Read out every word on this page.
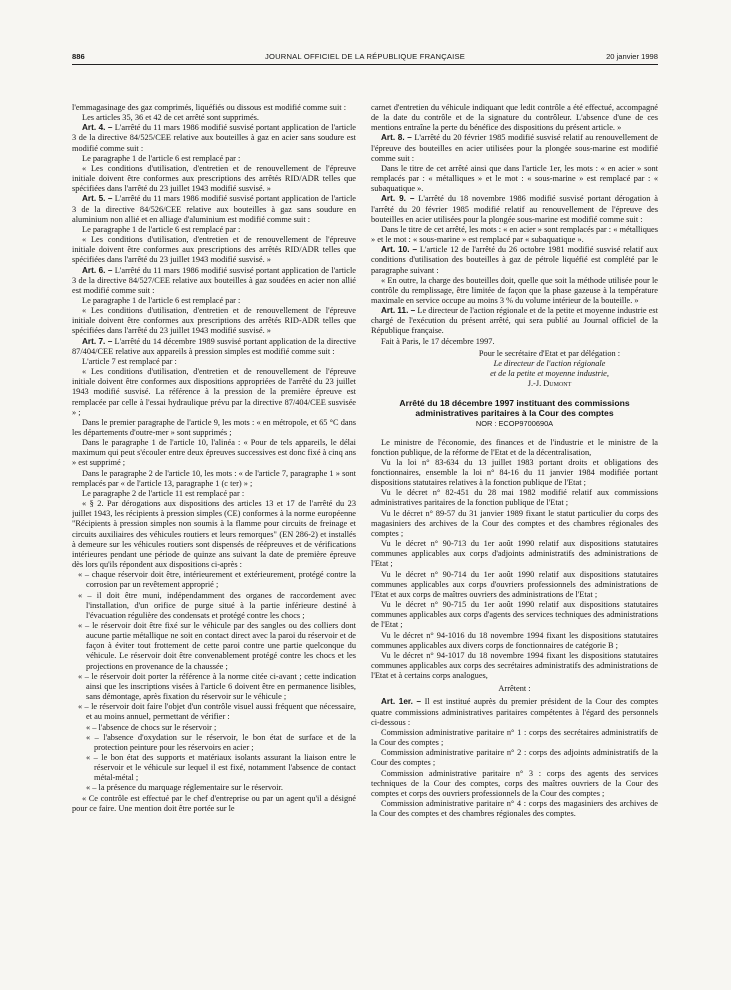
886	JOURNAL OFFICIEL DE LA RÉPUBLIQUE FRANÇAISE	20 janvier 1998

l'emmagasinage des gaz comprimés, liquéfiés ou dissous est modifié comme suit :

Les articles 35, 36 et 42 de cet arrêté sont supprimés.

Art. 4. – L'arrêté du 11 mars 1986 modifié susvisé portant application de l'article 3 de la directive 84/525/CEE relative aux bouteilles à gaz en acier sans soudure est modifié comme suit :

Le paragraphe 1 de l'article 6 est remplacé par :

« Les conditions d'utilisation, d'entretien et de renouvellement de l'épreuve initiale doivent être conformes aux prescriptions des arrêtés RID/ADR telles que spécifiées dans l'arrêté du 23 juillet 1943 modifié susvisé. »

Art. 5. – L'arrêté du 11 mars 1986 modifié susvisé portant application de l'article 3 de la directive 84/526/CEE relative aux bouteilles à gaz sans soudure en aluminium non allié et en alliage d'aluminium est modifié comme suit :

Le paragraphe 1 de l'article 6 est remplacé par :

« Les conditions d'utilisation, d'entretien et de renouvellement de l'épreuve initiale doivent être conformes aux prescriptions des arrêtés RID/ADR telles que spécifiées dans l'arrêté du 23 juillet 1943 modifié susvisé. »

Art. 6. – L'arrêté du 11 mars 1986 modifié susvisé portant application de l'article 3 de la directive 84/527/CEE relative aux bouteilles à gaz soudées en acier non allié est modifié comme suit :

Le paragraphe 1 de l'article 6 est remplacé par :

« Les conditions d'utilisation, d'entretien et de renouvellement de l'épreuve initiale doivent être conformes aux prescriptions des arrêtés RID-ADR telles que spécifiées dans l'arrêté du 23 juillet 1943 modifié susvisé. »

Art. 7. – L'arrêté du 14 décembre 1989 susvisé portant application de la directive 87/404/CEE relative aux appareils à pression simples est modifié comme suit :

L'article 7 est remplacé par :

« Les conditions d'utilisation, d'entretien et de renouvellement de l'épreuve initiale doivent être conformes aux dispositions appropriées de l'arrêté du 23 juillet 1943 modifié susvisé. La référence à la pression de la première épreuve est remplacée par celle à l'essai hydraulique prévu par la directive 87/404/CEE susvisée » ;

Dans le premier paragraphe de l'article 9, les mots : « en métropole, et 65 °C dans les départements d'outre-mer » sont supprimés ;

Dans le paragraphe 1 de l'article 10, l'alinéa : « Pour de tels appareils, le délai maximum qui peut s'écouler entre deux épreuves successives est donc fixé à cinq ans » est supprimé ;

Dans le paragraphe 2 de l'article 10, les mots : « de l'article 7, paragraphe 1 » sont remplacés par « de l'article 13, paragraphe 1 (c ter) » ;

Le paragraphe 2 de l'article 11 est remplacé par :

« § 2. Par dérogations aux dispositions des articles 13 et 17 de l'arrêté du 23 juillet 1943, les récipients à pression simples (CE) conformes à la norme européenne "Récipients à pression simples non soumis à la flamme pour circuits de freinage et circuits auxiliaires des véhicules routiers et leurs remorques" (EN 286-2) et installés à demeure sur les véhicules routiers sont dispensés de réépreuves et de vérifications intérieures pendant une période de quinze ans suivant la date de première épreuve dès lors qu'ils répondent aux dispositions ci-après :

« – chaque réservoir doit être, intérieurement et extérieurement, protégé contre la corrosion par un revêtement approprié ;

« – il doit être muni, indépendamment des organes de raccordement avec l'installation, d'un orifice de purge situé à la partie inférieure destiné à l'évacuation régulière des condensats et protégé contre les chocs ;

« – le réservoir doit être fixé sur le véhicule par des sangles ou des colliers dont aucune partie métallique ne soit en contact direct avec la paroi du réservoir et de façon à éviter tout frottement de cette paroi contre une partie quelconque du véhicule. Le réservoir doit être convenablement protégé contre les chocs et les projections en provenance de la chaussée ;

« – le réservoir doit porter la référence à la norme citée ci-avant ; cette indication ainsi que les inscriptions visées à l'article 6 doivent être en permanence lisibles, sans démontage, après fixation du réservoir sur le véhicule ;

« – le réservoir doit faire l'objet d'un contrôle visuel aussi fréquent que nécessaire, et au moins annuel, permettant de vérifier :

« – l'absence de chocs sur le réservoir ;

« – l'absence d'oxydation sur le réservoir, le bon état de surface et de la protection peinture pour les réservoirs en acier ;

« – le bon état des supports et matériaux isolants assurant la liaison entre le réservoir et le véhicule sur lequel il est fixé, notamment l'absence de contact métal-métal ;

« – la présence du marquage réglementaire sur le réservoir.

« Ce contrôle est effectué par le chef d'entreprise ou par un agent qu'il a désigné pour ce faire. Une mention doit être portée sur le

carnet d'entretien du véhicule indiquant que ledit contrôle a été effectué, accompagné de la date du contrôle et de la signature du contrôleur. L'absence d'une de ces mentions entraîne la perte du bénéfice des dispositions du présent article. »

Art. 8. – L'arrêté du 20 février 1985 modifié susvisé relatif au renouvellement de l'épreuve des bouteilles en acier utilisées pour la plongée sous-marine est modifié comme suit :

Dans le titre de cet arrêté ainsi que dans l'article 1er, les mots : « en acier » sont remplacés par : « métalliques » et le mot : « sous-marine » est remplacé par : « subaquatique ».

Art. 9. – L'arrêté du 18 novembre 1986 modifié susvisé portant dérogation à l'arrêté du 20 février 1985 modifié relatif au renouvellement de l'épreuve des bouteilles en acier utilisées pour la plongée sous-marine est modifié comme suit :

Dans le titre de cet arrêté, les mots : « en acier » sont remplacés par : « métalliques » et le mot : « sous-marine » est remplacé par « subaquatique ».

Art. 10. – L'article 12 de l'arrêté du 26 octobre 1981 modifié susvisé relatif aux conditions d'utilisation des bouteilles à gaz de pétrole liquéfié est complété par le paragraphe suivant :

« En outre, la charge des bouteilles doit, quelle que soit la méthode utilisée pour le contrôle du remplissage, être limitée de façon que la phase gazeuse à la température maximale en service occupe au moins 3 % du volume intérieur de la bouteille. »

Art. 11. – Le directeur de l'action régionale et de la petite et moyenne industrie est chargé de l'exécution du présent arrêté, qui sera publié au Journal officiel de la République française.

Fait à Paris, le 17 décembre 1997.

Pour le secrétaire d'Etat et par délégation :

Le directeur de l'action régionale

et de la petite et moyenne industrie,

J.-J. Dumont

Arrêté du 18 décembre 1997 instituant des commissions administratives paritaires à la Cour des comptes
NOR : ECOP9700690A

Le ministre de l'économie, des finances et de l'industrie et le ministre de la fonction publique, de la réforme de l'Etat et de la décentralisation,

Vu la loi n° 83-634 du 13 juillet 1983 portant droits et obligations des fonctionnaires, ensemble la loi n° 84-16 du 11 janvier 1984 modifiée portant dispositions statutaires relatives à la fonction publique de l'Etat ;

Vu le décret n° 82-451 du 28 mai 1982 modifié relatif aux commissions administratives paritaires de la fonction publique de l'Etat ;

Vu le décret n° 89-57 du 31 janvier 1989 fixant le statut particulier du corps des magasiniers des archives de la Cour des comptes et des chambres régionales des comptes ;

Vu le décret n° 90-713 du 1er août 1990 relatif aux dispositions statutaires communes applicables aux corps d'adjoints administratifs des administrations de l'Etat ;

Vu le décret n° 90-714 du 1er août 1990 relatif aux dispositions statutaires communes applicables aux corps d'ouvriers professionnels des administrations de l'Etat et aux corps de maîtres ouvriers des administrations de l'Etat ;

Vu le décret n° 90-715 du 1er août 1990 relatif aux dispositions statutaires communes applicables aux corps d'agents des services techniques des administrations de l'Etat ;

Vu le décret n° 94-1016 du 18 novembre 1994 fixant les dispositions statutaires communes applicables aux divers corps de fonctionnaires de catégorie B ;

Vu le décret n° 94-1017 du 18 novembre 1994 fixant les dispositions statutaires communes applicables aux corps des secrétaires administratifs des administrations de l'Etat et à certains corps analogues,

Arrêtent :

Art. 1er. – Il est institué auprès du premier président de la Cour des comptes quatre commissions administratives paritaires compétentes à l'égard des personnels ci-dessous :

Commission administrative paritaire n° 1 : corps des secrétaires administratifs de la Cour des comptes ;

Commission administrative paritaire n° 2 : corps des adjoints administratifs de la Cour des comptes ;

Commission administrative paritaire n° 3 : corps des agents des services techniques de la Cour des comptes, corps des maîtres ouvriers de la Cour des comptes et corps des ouvriers professionnels de la Cour des comptes ;

Commission administrative paritaire n° 4 : corps des magasiniers des archives de la Cour des comptes et des chambres régionales des comptes.
